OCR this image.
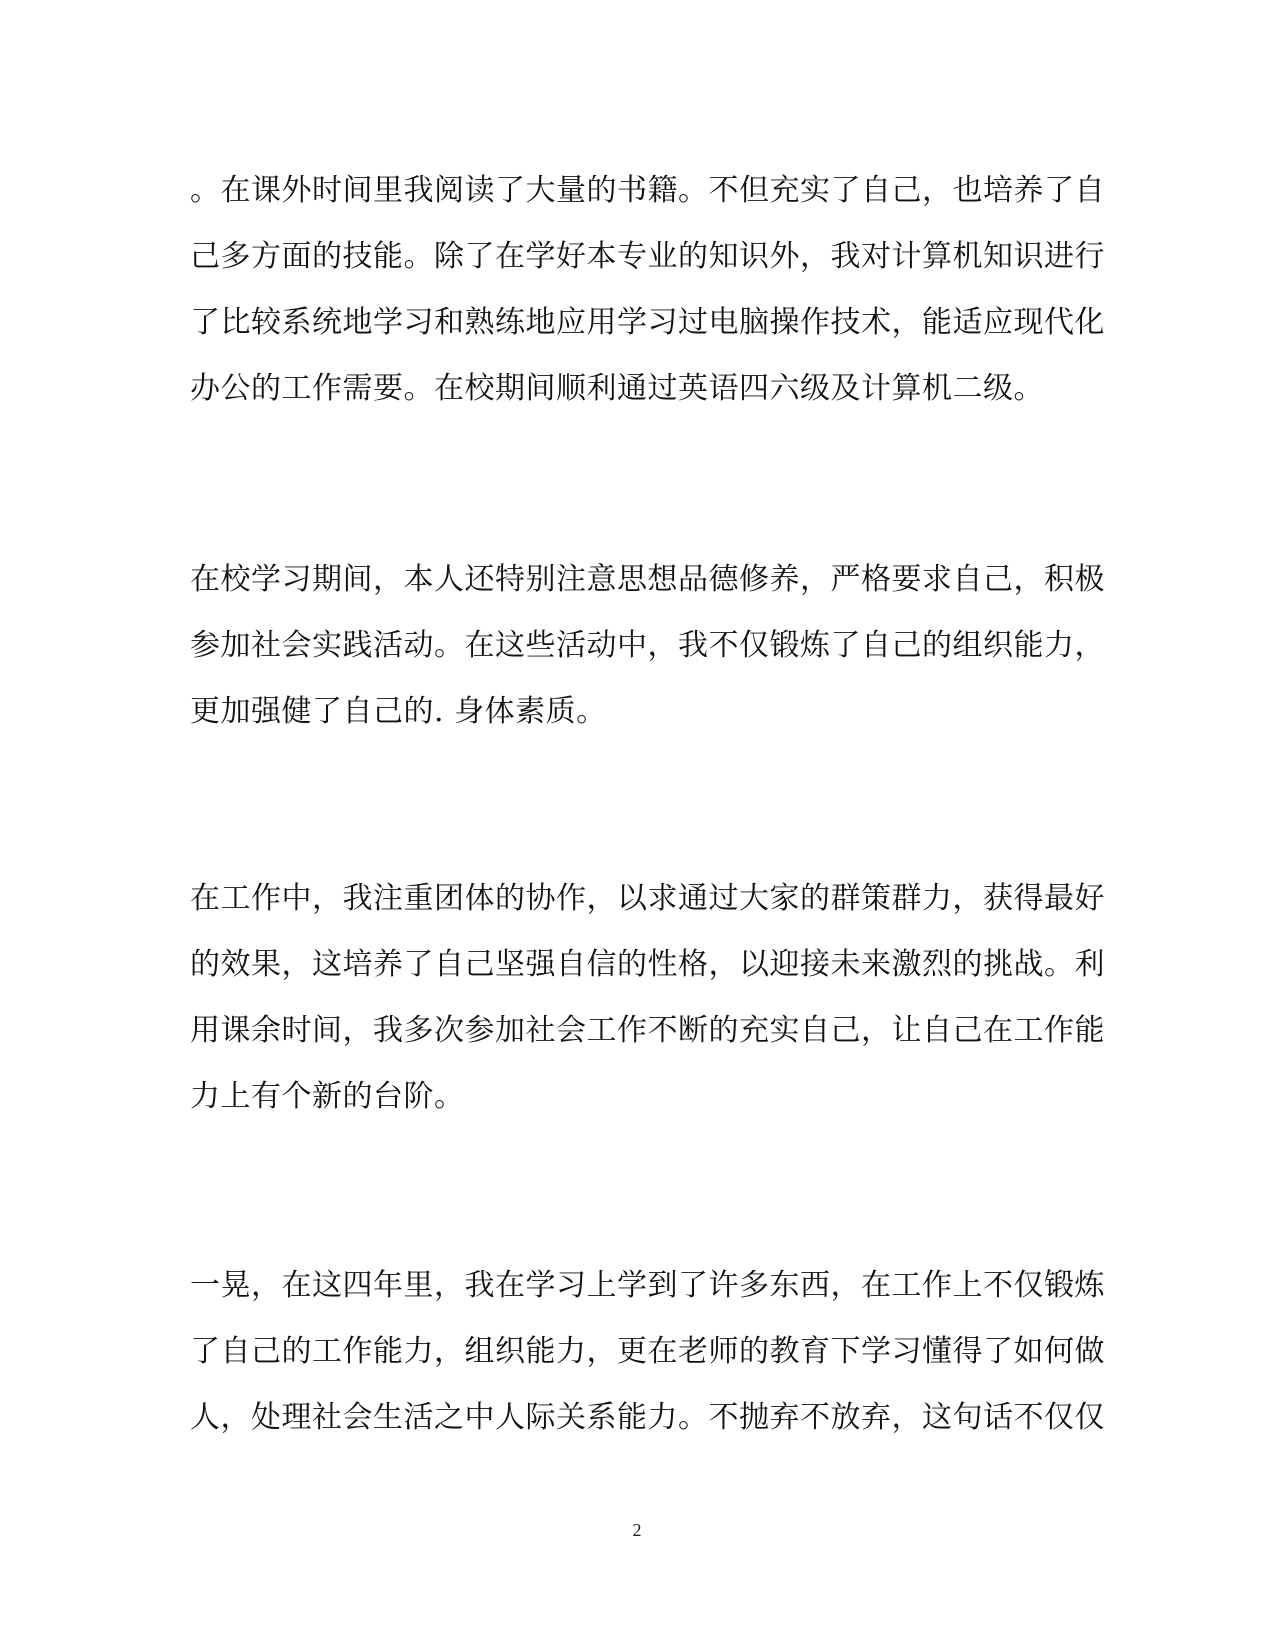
。在课外时间里我阅读了大量的书籍。不但充实了自己，也培养了自
己多方面的技能。除了在学好本专业的知识外，我对计算机知识进行
了比较系统地学习和熟练地应用学习过电脑操作技术，能适应现代化
办公的工作需要。在校期间顺利通过英语四六级及计算机二级。
在校学习期间，本人还特别注意思想品德修养，严格要求自己，积极
参加社会实践活动。在这些活动中，我不仅锻炼了自己的组织能力，
更加强健了自己的. 身体素质。
在工作中，我注重团体的协作，以求通过大家的群策群力，获得最好
的效果，这培养了自己坚强自信的性格，以迎接未来激烈的挑战。利
用课余时间，我多次参加社会工作不断的充实自己，让自己在工作能
力上有个新的台阶。
一晃，在这四年里，我在学习上学到了许多东西，在工作上不仅锻炼
了自己的工作能力，组织能力，更在老师的教育下学习懂得了如何做
人，处理社会生活之中人际关系能力。不抛弃不放弃，这句话不仅仅
2
